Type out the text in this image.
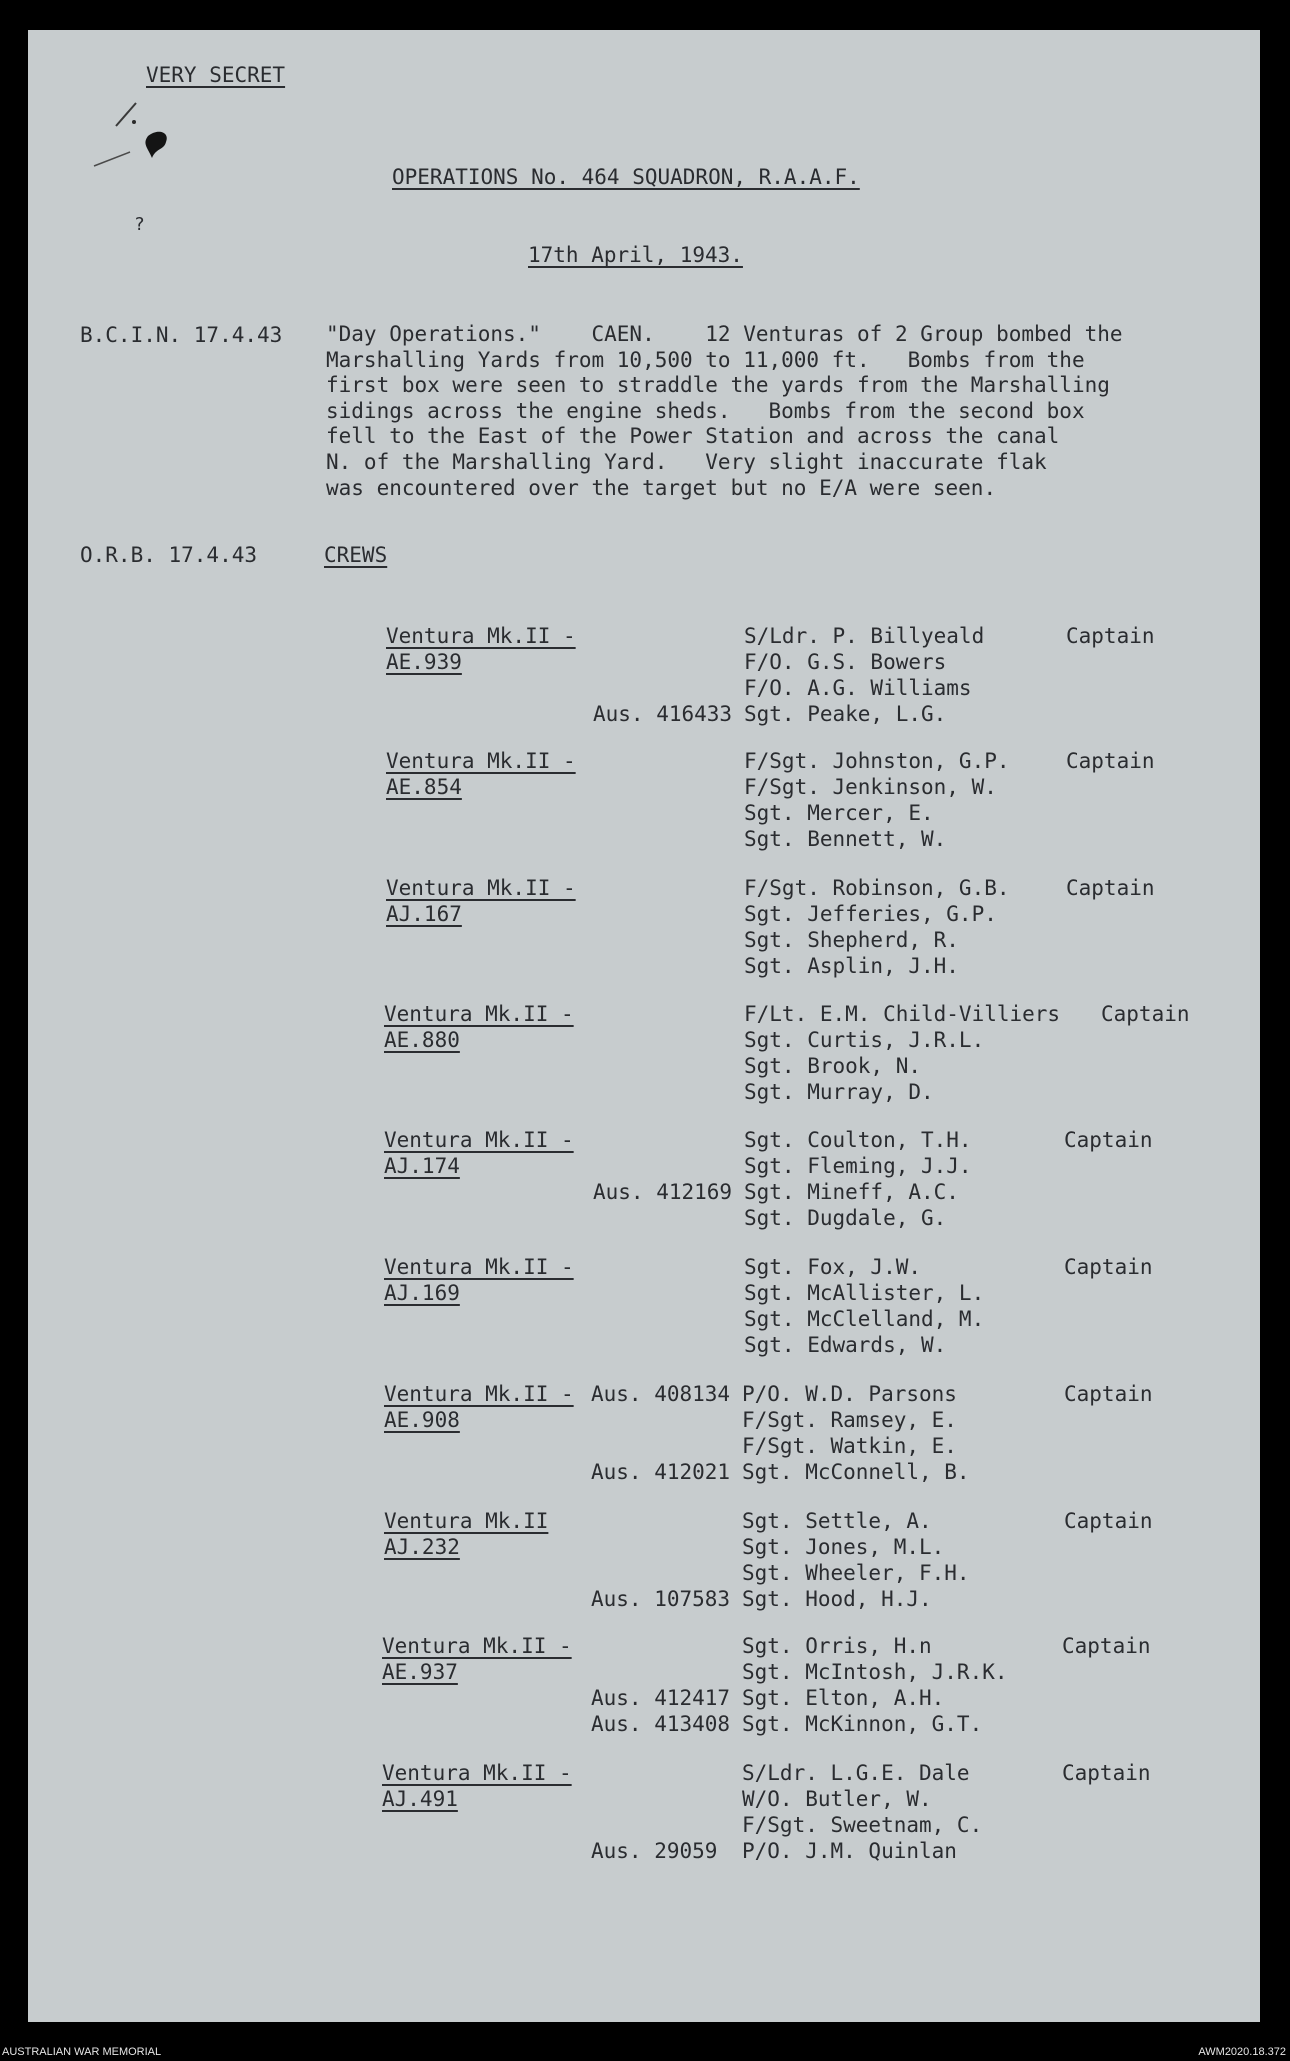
VERY SECRET
?
OPERATIONS No. 464 SQUADRON, R.A.A.F.
17th April, 1943.
B.C.I.N. 17.4.43 "Day Operations."    CAEN.    12 Venturas of 2 Group bombed the
Marshalling Yards from 10,500 to 11,000 ft.   Bombs from the
first box were seen to straddle the yards from the Marshalling
sidings across the engine sheds.   Bombs from the second box
fell to the East of the Power Station and across the canal
N. of the Marshalling Yard.   Very slight inaccurate flak
was encountered over the target but no E/A were seen.
O.R.B. 17.4.43	CREWS
Ventura Mk.II -
AE.939
Captain
S/Ldr. P. Billyeald
F/O. G.S. Bowers
F/O. A.G. Williams
Sgt. Peake, L.G.
Aus. 416433
Ventura Mk.II -
AE.854
Captain
F/Sgt. Johnston, G.P.
F/Sgt. Jenkinson, W.
Sgt. Mercer, E.
Sgt. Bennett, W.
Ventura Mk.II -
AJ.167
Captain
F/Sgt. Robinson, G.B.
Sgt. Jefferies, G.P.
Sgt. Shepherd, R.
Sgt. Asplin, J.H.
Ventura Mk.II -
AE.880
Captain
F/Lt. E.M. Child-Villiers
Sgt. Curtis, J.R.L.
Sgt. Brook, N.
Sgt. Murray, D.
Ventura Mk.II -
AJ.174
Captain
Sgt. Coulton, T.H.
Sgt. Fleming, J.J.
Sgt. Mineff, A.C.
Aus. 412169
Sgt. Dugdale, G.
Ventura Mk.II -
AJ.169
Captain
Sgt. Fox, J.W.
Sgt. McAllister, L.
Sgt. McClelland, M.
Sgt. Edwards, W.
Ventura Mk.II -
AE.908
Captain
Aus. 408134 P/O. W.D. Parsons
F/Sgt. Ramsey, E.
F/Sgt. Watkin, E.
Aus. 412021 Sgt. McConnell, B.
Ventura Mk.II
AJ.232
Captain
Sgt. Settle, A.
Sgt. Jones, M.L.
Sgt. Wheeler, F.H.
Aus. 107583 Sgt. Hood, H.J.
Ventura Mk.II -
AE.937
Captain
Sgt. Orris, H.n
Sgt. McIntosh, J.R.K.
Aus. 412417 Sgt. Elton, A.H.
Aus. 413408 Sgt. McKinnon, G.T.
Ventura Mk.II -
AJ.491
Captain
S/Ldr. L.G.E. Dale
W/O. Butler, W.
F/Sgt. Sweetnam, C.
Aus. 29059 P/O. J.M. Quinlan
AUSTRALIAN WAR MEMORIAL	AWM2020.18.372
